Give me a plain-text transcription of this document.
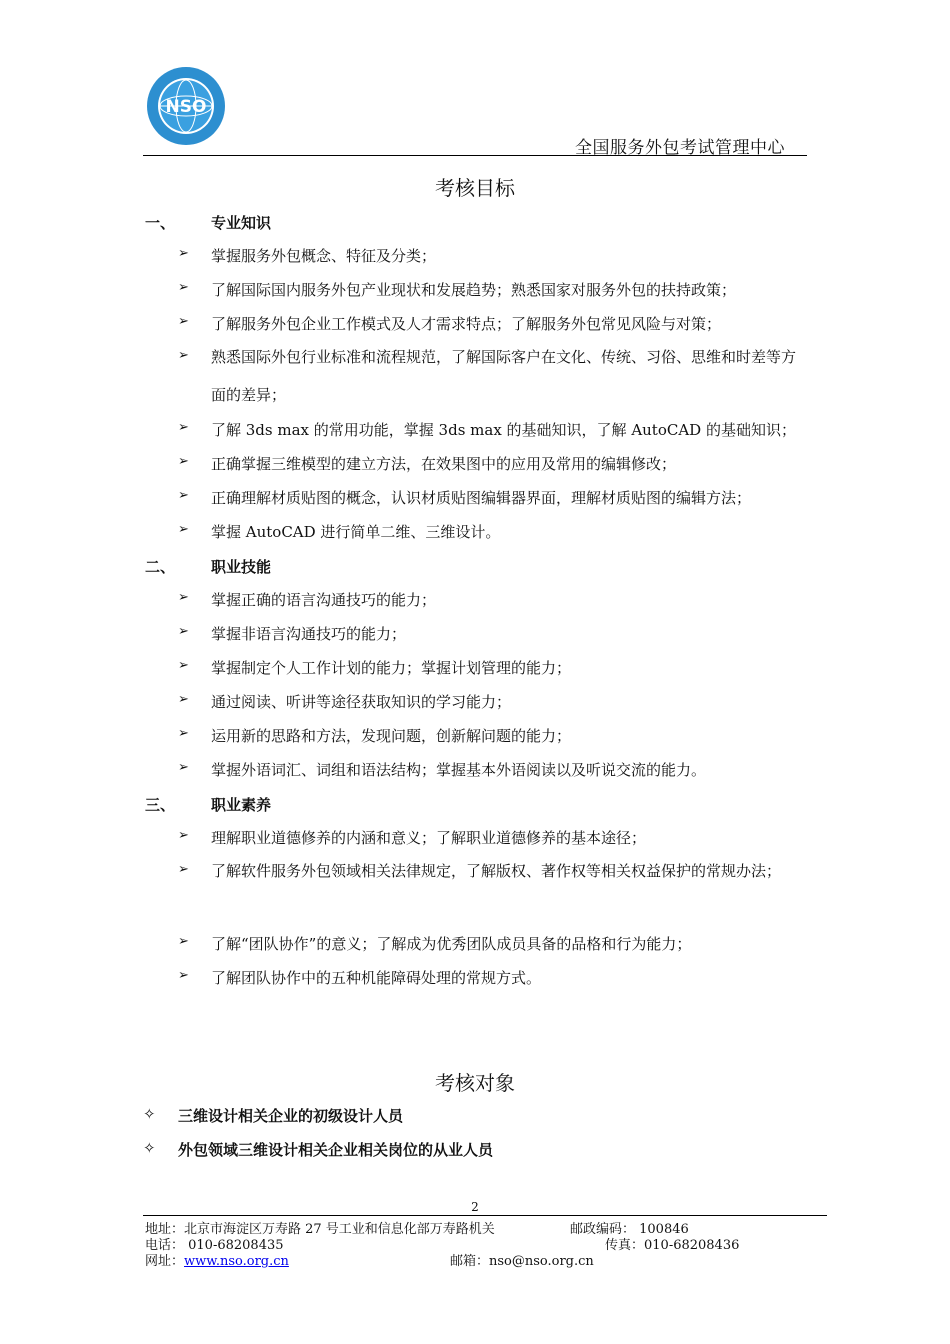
NSO
全国服务外包考试管理中心
考核目标
一、 专业知识
➢ 掌握服务外包概念、特征及分类；
➢ 了解国际国内服务外包产业现状和发展趋势；熟悉国家对服务外包的扶持政策；
➢ 了解服务外包企业工作模式及人才需求特点；了解服务外包常见风险与对策；
➢ 熟悉国际外包行业标准和流程规范，了解国际客户在文化、传统、习俗、思维和时差等方面的差异；
➢ 了解 3ds max 的常用功能，掌握 3ds max 的基础知识，了解 AutoCAD 的基础知识；
➢ 正确掌握三维模型的建立方法，在效果图中的应用及常用的编辑修改；
➢ 正确理解材质贴图的概念，认识材质贴图编辑器界面，理解材质贴图的编辑方法；
➢ 掌握 AutoCAD 进行简单二维、三维设计。
二、 职业技能
➢ 掌握正确的语言沟通技巧的能力；
➢ 掌握非语言沟通技巧的能力；
➢ 掌握制定个人工作计划的能力；掌握计划管理的能力；
➢ 通过阅读、听讲等途径获取知识的学习能力；
➢ 运用新的思路和方法，发现问题，创新解问题的能力；
➢ 掌握外语词汇、词组和语法结构；掌握基本外语阅读以及听说交流的能力。
三、 职业素养
➢ 理解职业道德修养的内涵和意义；了解职业道德修养的基本途径；
➢ 了解软件服务外包领域相关法律规定，了解版权、著作权等相关权益保护的常规办法；
➢ 了解“团队协作”的意义；了解成为优秀团队成员具备的品格和行为能力；
➢ 了解团队协作中的五种机能障碍处理的常规方式。
考核对象
✧ 三维设计相关企业的初级设计人员
✧ 外包领域三维设计相关企业相关岗位的从业人员
2
地址：北京市海淀区万寿路 27 号工业和信息化部万寿路机关	邮政编码： 100846
电话： 010-68208435	传真：010-68208436
网址：www.nso.org.cn	邮箱：nso@nso.org.cn
